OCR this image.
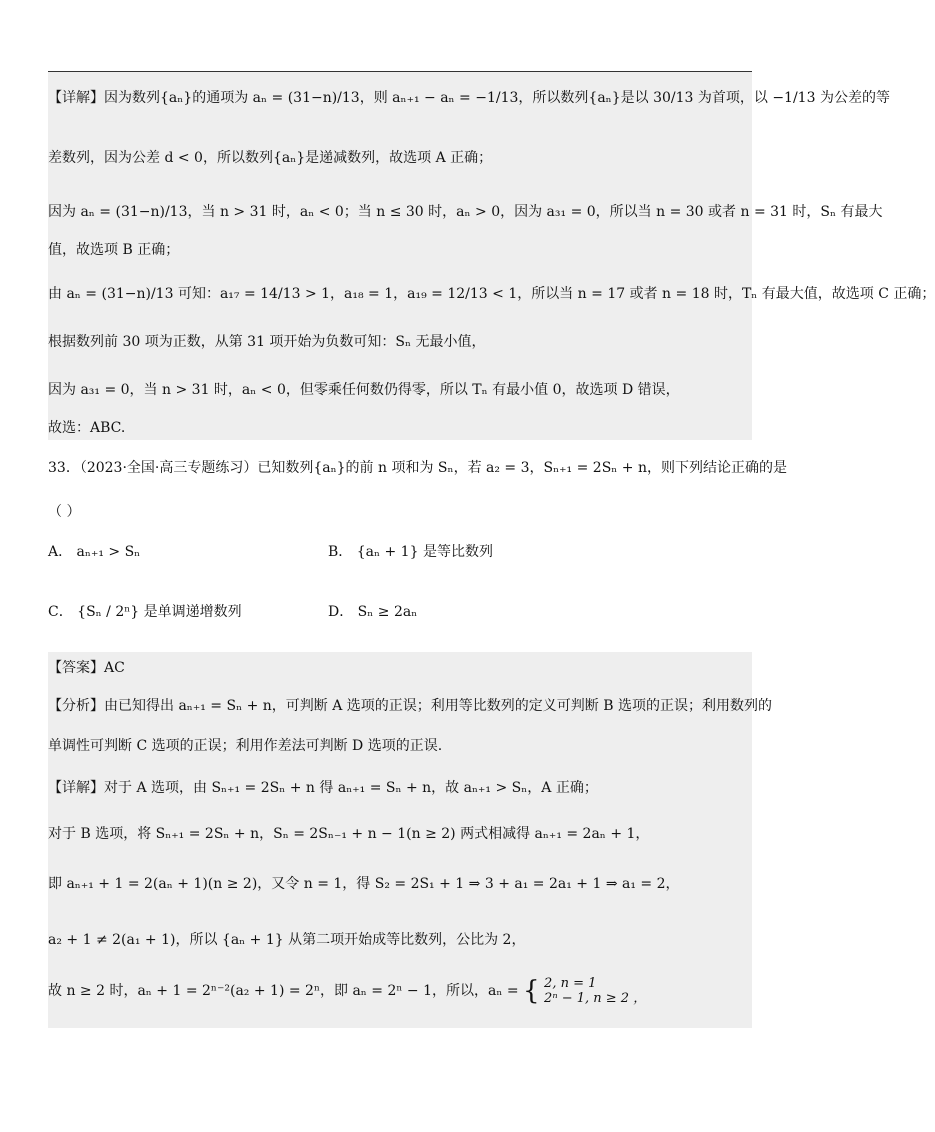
【详解】因为数列{aₙ}的通项为 aₙ = (31−n)/13，则 aₙ₊₁ − aₙ = −1/13，所以数列{aₙ}是以 30/13 为首项，以 −1/13 为公差的等
差数列，因为公差 d < 0，所以数列{aₙ}是递减数列，故选项 A 正确；
因为 aₙ = (31−n)/13，当 n > 31 时，aₙ < 0；当 n ≤ 30 时，aₙ > 0，因为 a₃₁ = 0，所以当 n = 30 或者 n = 31 时，Sₙ 有最大
值，故选项 B 正确；
由 aₙ = (31−n)/13 可知：a₁₇ = 14/13 > 1，a₁₈ = 1，a₁₉ = 12/13 < 1，所以当 n = 17 或者 n = 18 时，Tₙ 有最大值，故选项 C 正确；
根据数列前 30 项为正数，从第 31 项开始为负数可知：Sₙ 无最小值，
因为 a₃₁ = 0，当 n > 31 时，aₙ < 0，但零乘任何数仍得零，所以 Tₙ 有最小值 0，故选项 D 错误，
故选：ABC.
33．（2023·全国·高三专题练习）已知数列{aₙ}的前 n 项和为 Sₙ，若 a₂ = 3，Sₙ₊₁ = 2Sₙ + n，则下列结论正确的是
（ ）
A． aₙ₊₁ > Sₙ	B． {aₙ + 1} 是等比数列
C． {Sₙ / 2ⁿ} 是单调递增数列	D． Sₙ ≥ 2aₙ
【答案】AC
【分析】由已知得出 aₙ₊₁ = Sₙ + n，可判断 A 选项的正误；利用等比数列的定义可判断 B 选项的正误；利用数列的
单调性可判断 C 选项的正误；利用作差法可判断 D 选项的正误.
【详解】对于 A 选项，由 Sₙ₊₁ = 2Sₙ + n 得 aₙ₊₁ = Sₙ + n，故 aₙ₊₁ > Sₙ，A 正确；
对于 B 选项，将 Sₙ₊₁ = 2Sₙ + n，Sₙ = 2Sₙ₋₁ + n − 1(n ≥ 2) 两式相减得 aₙ₊₁ = 2aₙ + 1，
即 aₙ₊₁ + 1 = 2(aₙ + 1)(n ≥ 2)，又令 n = 1，得 S₂ = 2S₁ + 1 ⇒ 3 + a₁ = 2a₁ + 1 ⇒ a₁ = 2，
a₂ + 1 ≠ 2(a₁ + 1)，所以 {aₙ + 1} 从第二项开始成等比数列，公比为 2，
故 n ≥ 2 时，aₙ + 1 = 2ⁿ⁻²(a₂ + 1) = 2ⁿ，即 aₙ = 2ⁿ − 1，所以，aₙ = { 2, n = 1
2ⁿ − 1, n ≥ 2 ，
